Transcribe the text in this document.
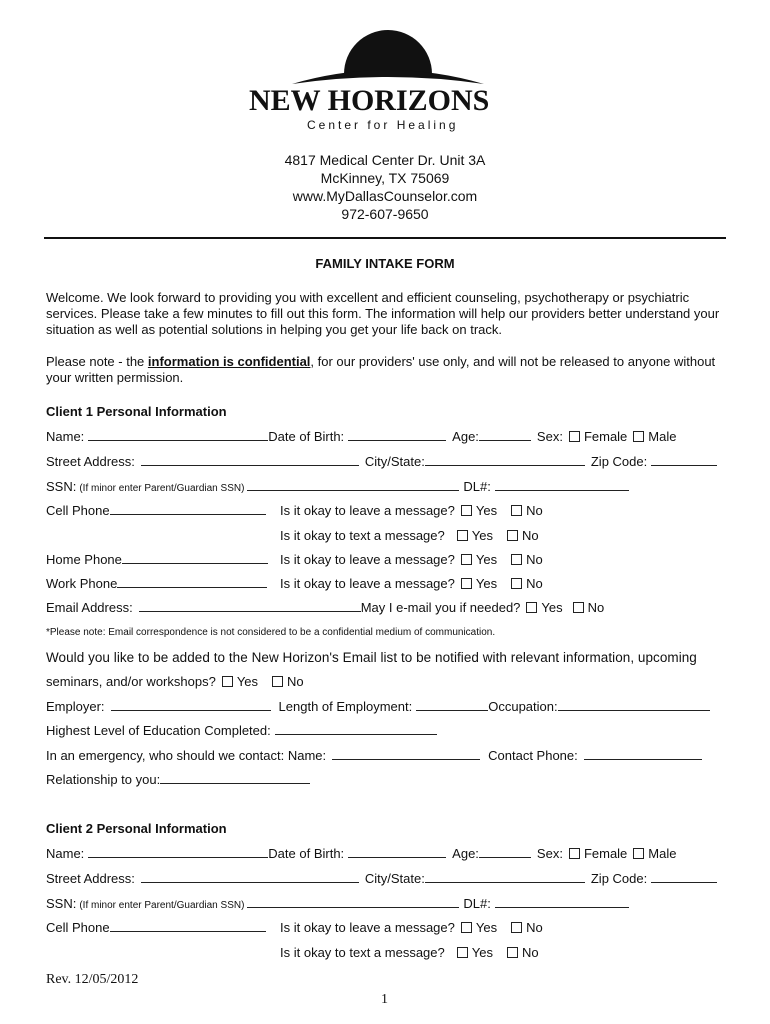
NEW HORIZONS
Center for Healing
4817 Medical Center Dr. Unit 3A
McKinney, TX 75069
www.MyDallasCounselor.com
972-607-9650
FAMILY INTAKE FORM
Welcome. We look forward to providing you with excellent and efficient counseling, psychotherapy or psychiatric services. Please take a few minutes to fill out this form. The information will help our providers better understand your situation as well as potential solutions in helping you get your life back on track.
Please note - the information is confidential, for our providers' use only, and will not be released to anyone without your written permission.
Client 1 Personal Information
Name:	Date of Birth:	Age:	Sex: Female Male
Street Address:	City/State:	Zip Code:
SSN: (If minor enter Parent/Guardian SSN)	DL#:
Cell Phone	Is it okay to leave a message? Yes No
Is it okay to text a message? Yes No
Home Phone	Is it okay to leave a message? Yes No
Work Phone	Is it okay to leave a message? Yes No
Email Address:	May I e-mail you if needed? Yes No
*Please note: Email correspondence is not considered to be a confidential medium of communication.
Would you like to be added to the New Horizon's Email list to be notified with relevant information, upcoming
seminars, and/or workshops? Yes No
Employer:	Length of Employment:	Occupation:
Highest Level of Education Completed:
In an emergency, who should we contact: Name:	Contact Phone:
Relationship to you:
Client 2 Personal Information
Name:	Date of Birth:	Age:	Sex: Female Male
Street Address:	City/State:	Zip Code:
SSN: (If minor enter Parent/Guardian SSN)	DL#:
Cell Phone	Is it okay to leave a message? Yes No
Is it okay to text a message? Yes No
Rev. 12/05/2012
1
